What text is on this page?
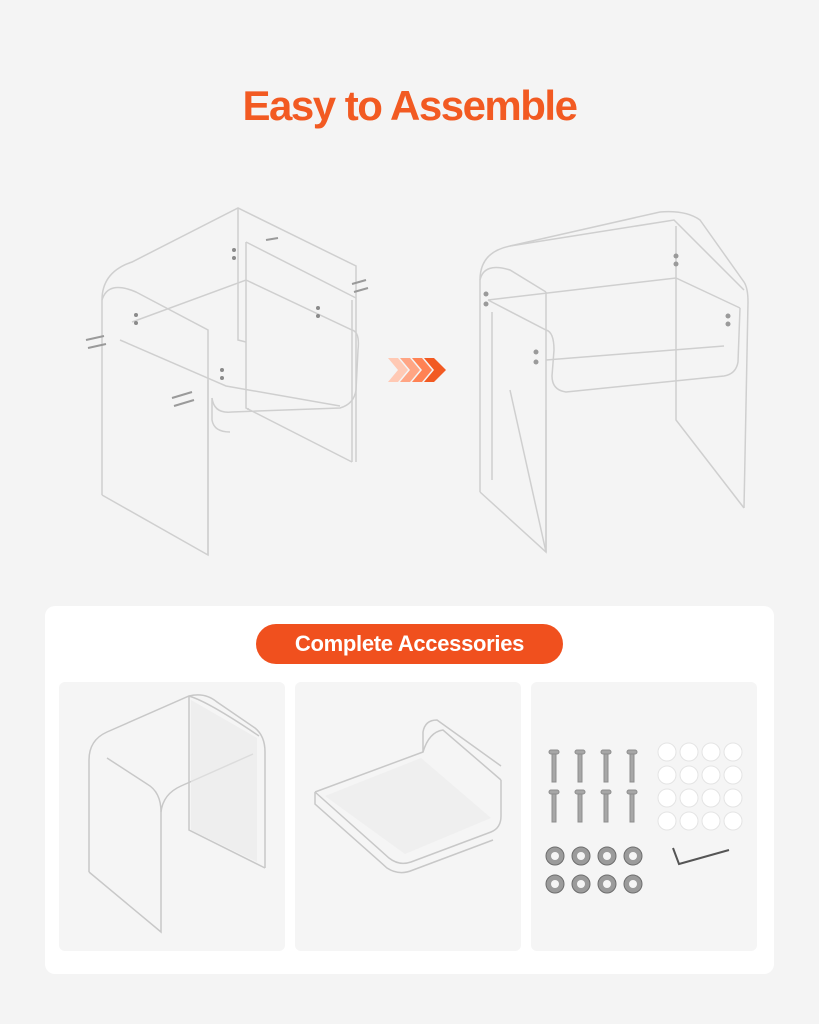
Easy to Assemble
Complete Accessories
